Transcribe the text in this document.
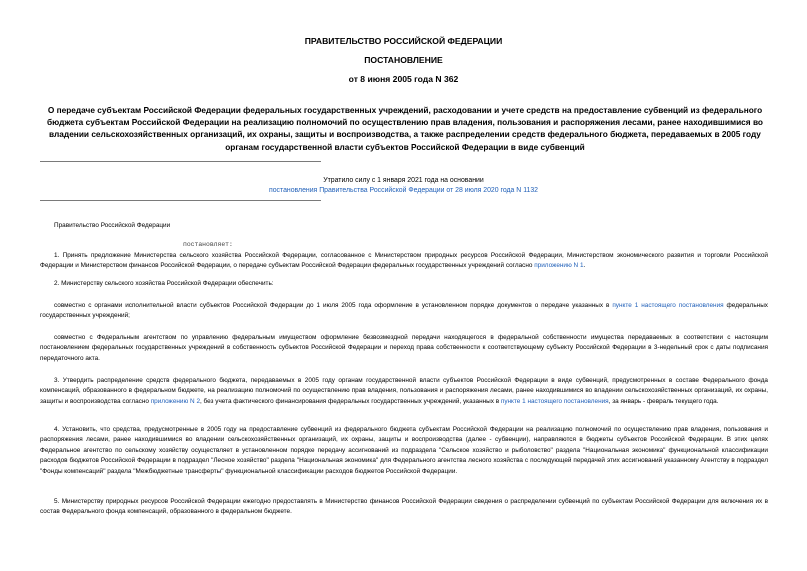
ПРАВИТЕЛЬСТВО РОССИЙСКОЙ ФЕДЕРАЦИИ
ПОСТАНОВЛЕНИЕ
от 8 июня 2005 года N 362
О передаче субъектам Российской Федерации федеральных государственных учреждений, расходовании и учете средств на предоставление субвенций из федерального бюджета субъектам Российской Федерации на реализацию полномочий по осуществлению прав владения, пользования и распоряжения лесами, ранее находившимися во владении сельскохозяйственных организаций, их охраны, защиты и воспроизводства, а также распределении средств федерального бюджета, передаваемых в 2005 году органам государственной власти субъектов Российской Федерации в виде субвенций
Утратило силу с 1 января 2021 года на основании
постановления Правительства Российской Федерации от 28 июля 2020 года N 1132
Правительство Российской Федерации
постановляет:
1. Принять предложение Министерства сельского хозяйства Российской Федерации, согласованное с Министерством природных ресурсов Российской Федерации, Министерством экономического развития и торговли Российской Федерации и Министерством финансов Российской Федерации, о передаче субъектам Российской Федерации федеральных государственных учреждений согласно приложению N 1.
2. Министерству сельского хозяйства Российской Федерации обеспечить:
совместно с органами исполнительной власти субъектов Российской Федерации до 1 июля 2005 года оформление в установленном порядке документов о передаче указанных в пункте 1 настоящего постановления федеральных государственных учреждений;
совместно с Федеральным агентством по управлению федеральным имуществом оформление безвозмездной передачи находящегося в федеральной собственности имущества передаваемых в соответствии с настоящим постановлением федеральных государственных учреждений в собственность субъектов Российской Федерации и переход права собственности к соответствующему субъекту Российской Федерации в 3-недельный срок с даты подписания передаточного акта.
3. Утвердить распределение средств федерального бюджета, передаваемых в 2005 году органам государственной власти субъектов Российской Федерации в виде субвенций, предусмотренных в составе Федерального фонда компенсаций, образованного в федеральном бюджете, на реализацию полномочий по осуществлению прав владения, пользования и распоряжения лесами, ранее находившимися во владении сельскохозяйственных организаций, их охраны, защиты и воспроизводства согласно приложению N 2, без учета фактического финансирования федеральных государственных учреждений, указанных в пункте 1 настоящего постановления, за январь - февраль текущего года.
4. Установить, что средства, предусмотренные в 2005 году на предоставление субвенций из федерального бюджета субъектам Российской Федерации на реализацию полномочий по осуществлению прав владения, пользования и распоряжения лесами, ранее находившимися во владении сельскохозяйственных организаций, их охраны, защиты и воспроизводства (далее - субвенции), направляются в бюджеты субъектов Российской Федерации. В этих целях Федеральное агентство по сельскому хозяйству осуществляет в установленном порядке передачу ассигнований из подраздела "Сельское хозяйство и рыболовство" раздела "Национальная экономика" функциональной классификации расходов бюджетов Российской Федерации в подраздел "Лесное хозяйство" раздела "Национальная экономика" для Федерального агентства лесного хозяйства с последующей передачей этих ассигнований указанному Агентству в подраздел "Фонды компенсаций" раздела "Межбюджетные трансферты" функциональной классификации расходов бюджетов Российской Федерации.
5. Министерству природных ресурсов Российской Федерации ежегодно предоставлять в Министерство финансов Российской Федерации сведения о распределении субвенций по субъектам Российской Федерации для включения их в состав Федерального фонда компенсаций, образованного в федеральном бюджете.
